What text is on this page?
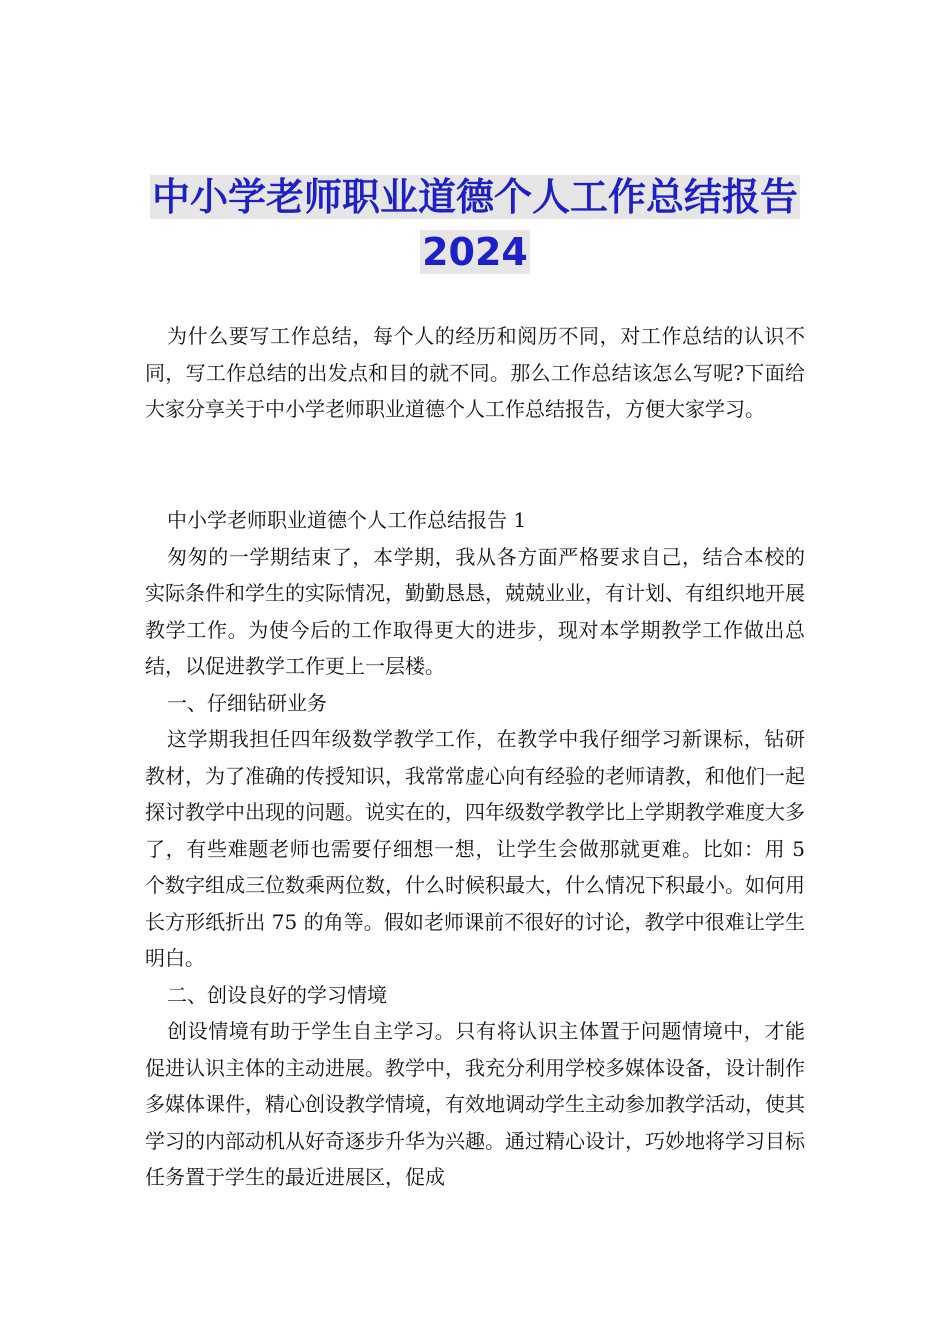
中小学老师职业道德个人工作总结报告
2024

为什么要写工作总结，每个人的经历和阅历不同，对工作总结的认识不同，写工作总结的出发点和目的就不同。那么工作总结该怎么写呢?下面给大家分享关于中小学老师职业道德个人工作总结报告，方便大家学习。

中小学老师职业道德个人工作总结报告 1

匆匆的一学期结束了，本学期，我从各方面严格要求自己，结合本校的实际条件和学生的实际情况，勤勤恳恳，兢兢业业，有计划、有组织地开展教学工作。为使今后的工作取得更大的进步，现对本学期教学工作做出总结，以促进教学工作更上一层楼。

一、仔细钻研业务

这学期我担任四年级数学教学工作，在教学中我仔细学习新课标，钻研教材，为了准确的传授知识，我常常虚心向有经验的老师请教，和他们一起探讨教学中出现的问题。说实在的，四年级数学教学比上学期教学难度大多了，有些难题老师也需要仔细想一想，让学生会做那就更难。比如：用 5 个数字组成三位数乘两位数，什么时候积最大，什么情况下积最小。如何用长方形纸折出 75 的角等。假如老师课前不很好的讨论，教学中很难让学生明白。

二、创设良好的学习情境

创设情境有助于学生自主学习。只有将认识主体置于问题情境中，才能促进认识主体的主动进展。教学中，我充分利用学校多媒体设备，设计制作多媒体课件，精心创设教学情境，有效地调动学生主动参加教学活动，使其学习的内部动机从好奇逐步升华为兴趣。通过精心设计，巧妙地将学习目标任务置于学生的最近进展区，促成
